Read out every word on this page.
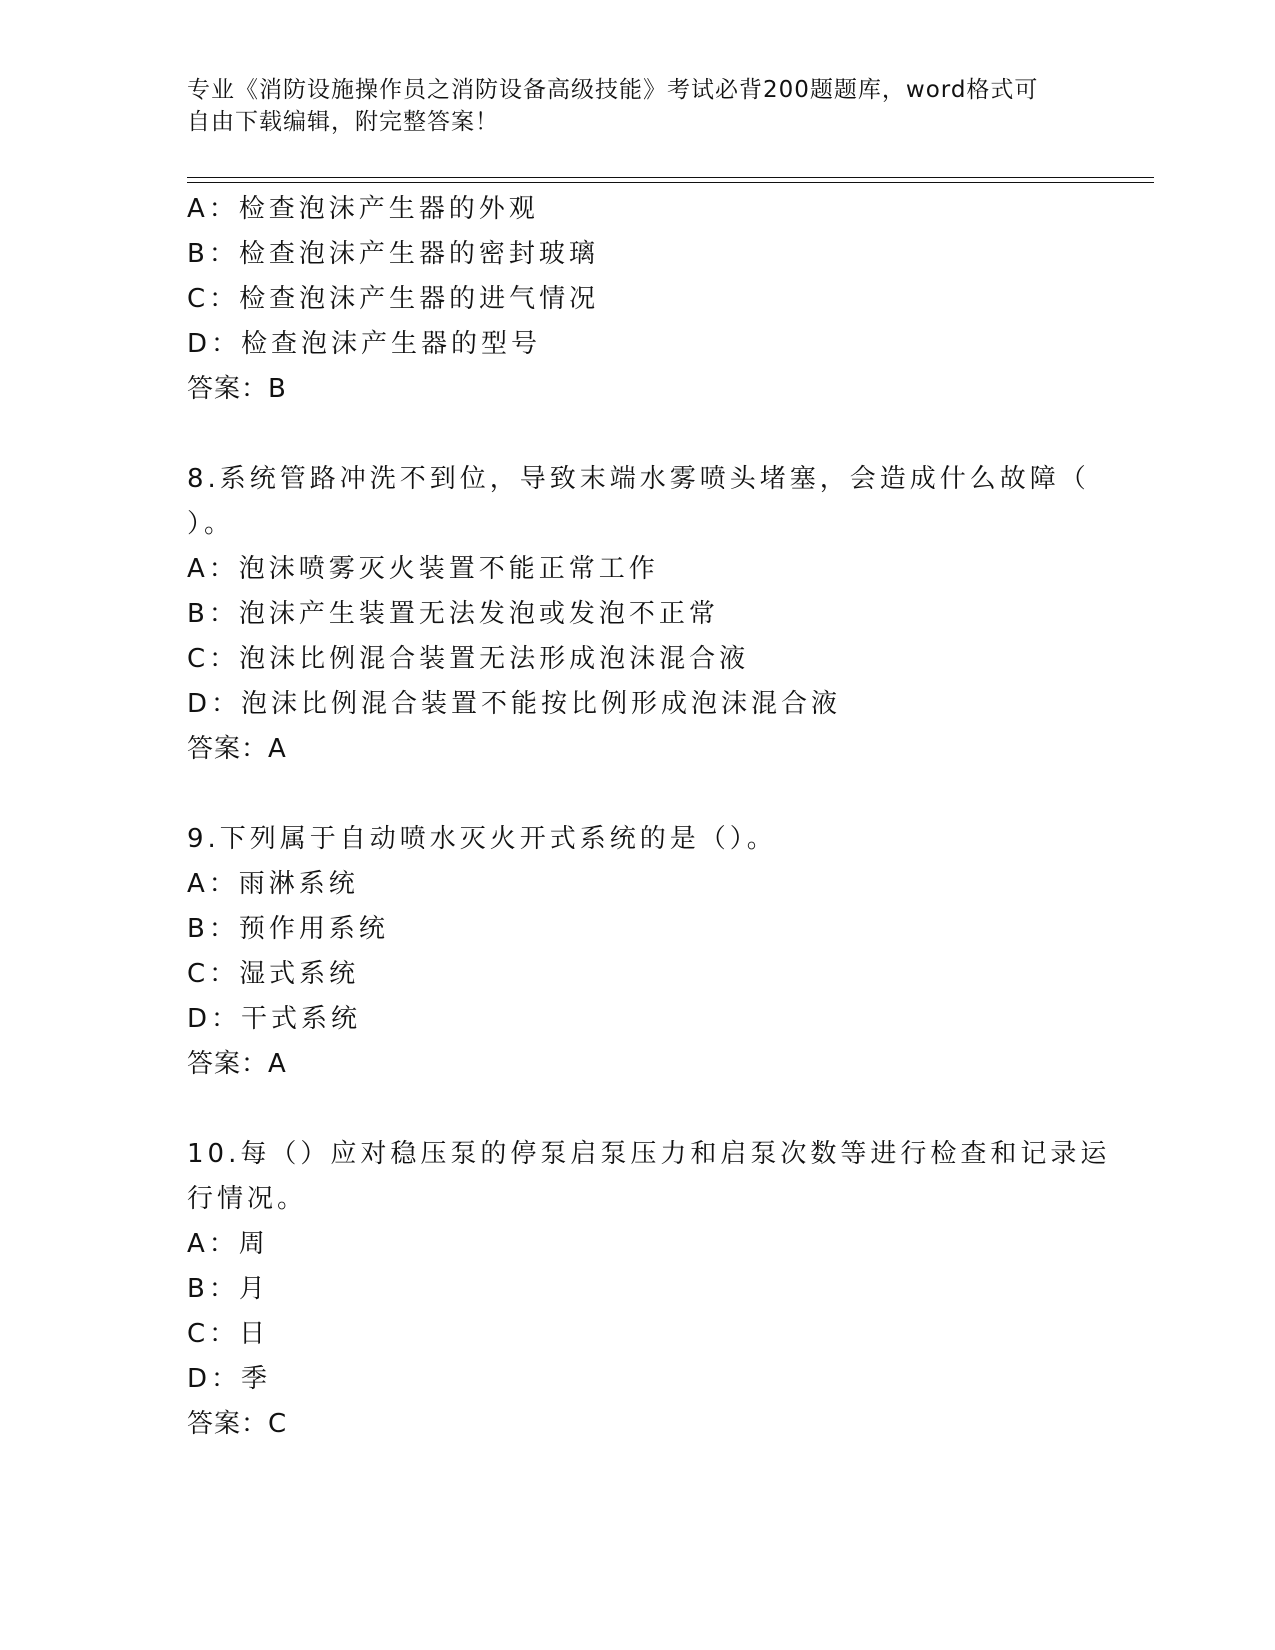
专业《消防设施操作员之消防设备高级技能》考试必背200题题库，word格式可
自由下载编辑，附完整答案！
A：检查泡沫产生器的外观
B：检查泡沫产生器的密封玻璃
C：检查泡沫产生器的进气情况
D：检查泡沫产生器的型号
答案：B
8.系统管路冲洗不到位，导致末端水雾喷头堵塞，会造成什么故障（
）。
A：泡沫喷雾灭火装置不能正常工作
B：泡沫产生装置无法发泡或发泡不正常
C：泡沫比例混合装置无法形成泡沫混合液
D：泡沫比例混合装置不能按比例形成泡沫混合液
答案：A
9.下列属于自动喷水灭火开式系统的是（）。
A：雨淋系统
B：预作用系统
C：湿式系统
D：干式系统
答案：A
10.每（）应对稳压泵的停泵启泵压力和启泵次数等进行检查和记录运
行情况。
A：周
B：月
C：日
D：季
答案：C
